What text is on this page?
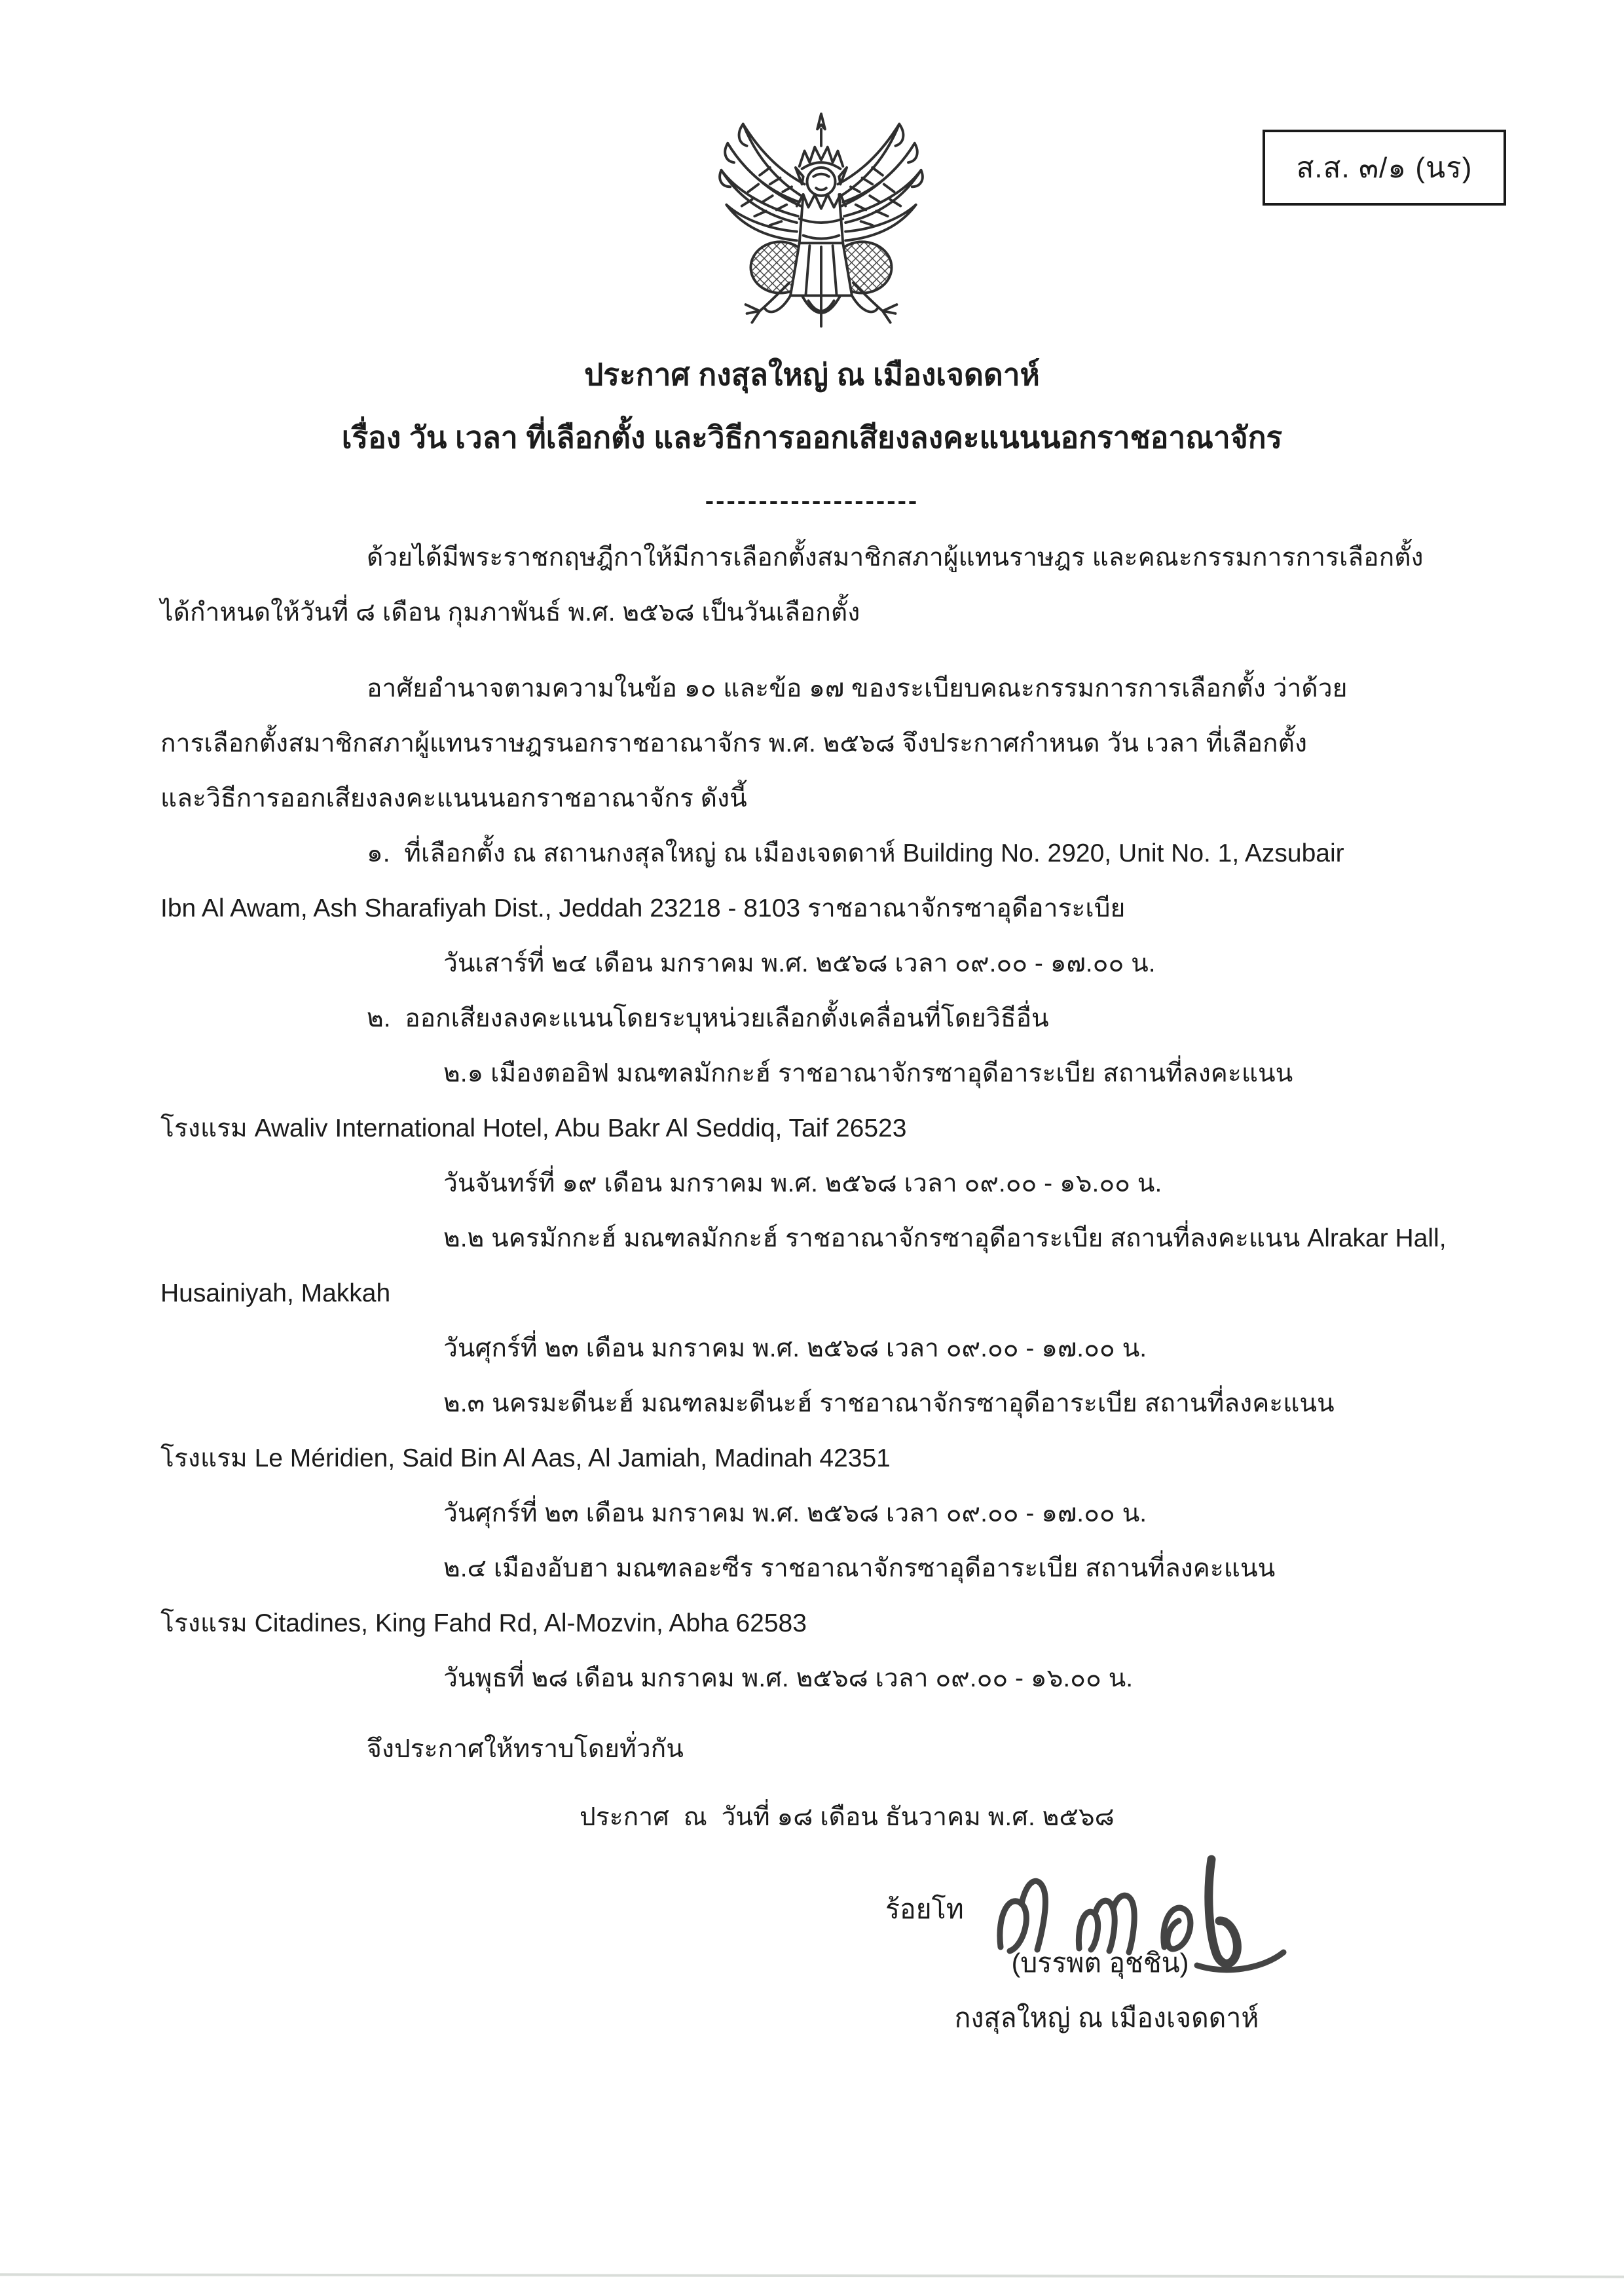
ส.ส. ๓/๑ (นร)
ประกาศ กงสุลใหญ่ ณ เมืองเจดดาห์
เรื่อง วัน เวลา ที่เลือกตั้ง และวิธีการออกเสียงลงคะแนนนอกราชอาณาจักร
--------------------
ด้วยได้มีพระราชกฤษฎีกาให้มีการเลือกตั้งสมาชิกสภาผู้แทนราษฎร และคณะกรรมการการเลือกตั้ง
ได้กำหนดให้วันที่ ๘ เดือน กุมภาพันธ์ พ.ศ. ๒๕๖๘ เป็นวันเลือกตั้ง
อาศัยอำนาจตามความในข้อ ๑๐ และข้อ ๑๗ ของระเบียบคณะกรรมการการเลือกตั้ง ว่าด้วย
การเลือกตั้งสมาชิกสภาผู้แทนราษฎรนอกราชอาณาจักร พ.ศ. ๒๕๖๘ จึงประกาศกำหนด วัน เวลา ที่เลือกตั้ง
และวิธีการออกเสียงลงคะแนนนอกราชอาณาจักร ดังนี้
๑.  ที่เลือกตั้ง ณ สถานกงสุลใหญ่ ณ เมืองเจดดาห์ Building No. 2920, Unit No. 1, Azsubair
Ibn Al Awam, Ash Sharafiyah Dist., Jeddah 23218 - 8103 ราชอาณาจักรซาอุดีอาระเบีย
วันเสาร์ที่ ๒๔ เดือน มกราคม พ.ศ. ๒๕๖๘ เวลา ๐๙.๐๐ - ๑๗.๐๐ น.
๒.  ออกเสียงลงคะแนนโดยระบุหน่วยเลือกตั้งเคลื่อนที่โดยวิธีอื่น
๒.๑ เมืองตออิฟ มณฑลมักกะฮ์ ราชอาณาจักรซาอุดีอาระเบีย สถานที่ลงคะแนน
โรงแรม Awaliv International Hotel, Abu Bakr Al Seddiq, Taif 26523
วันจันทร์ที่ ๑๙ เดือน มกราคม พ.ศ. ๒๕๖๘ เวลา ๐๙.๐๐ - ๑๖.๐๐ น.
๒.๒ นครมักกะฮ์ มณฑลมักกะฮ์ ราชอาณาจักรซาอุดีอาระเบีย สถานที่ลงคะแนน Alrakar Hall,
Husainiyah, Makkah
วันศุกร์ที่ ๒๓ เดือน มกราคม พ.ศ. ๒๕๖๘ เวลา ๐๙.๐๐ - ๑๗.๐๐ น.
๒.๓ นครมะดีนะฮ์ มณฑลมะดีนะฮ์ ราชอาณาจักรซาอุดีอาระเบีย สถานที่ลงคะแนน
โรงแรม Le Méridien, Said Bin Al Aas, Al Jamiah, Madinah 42351
วันศุกร์ที่ ๒๓ เดือน มกราคม พ.ศ. ๒๕๖๘ เวลา ๐๙.๐๐ - ๑๗.๐๐ น.
๒.๔ เมืองอับฮา มณฑลอะซีร ราชอาณาจักรซาอุดีอาระเบีย สถานที่ลงคะแนน
โรงแรม Citadines, King Fahd Rd, Al-Mozvin, Abha 62583
วันพุธที่ ๒๘ เดือน มกราคม พ.ศ. ๒๕๖๘ เวลา ๐๙.๐๐ - ๑๖.๐๐ น.
จึงประกาศให้ทราบโดยทั่วกัน
ประกาศ  ณ  วันที่ ๑๘ เดือน ธันวาคม พ.ศ. ๒๕๖๘
ร้อยโท
(บรรพต อุชชิน)
กงสุลใหญ่ ณ เมืองเจดดาห์
